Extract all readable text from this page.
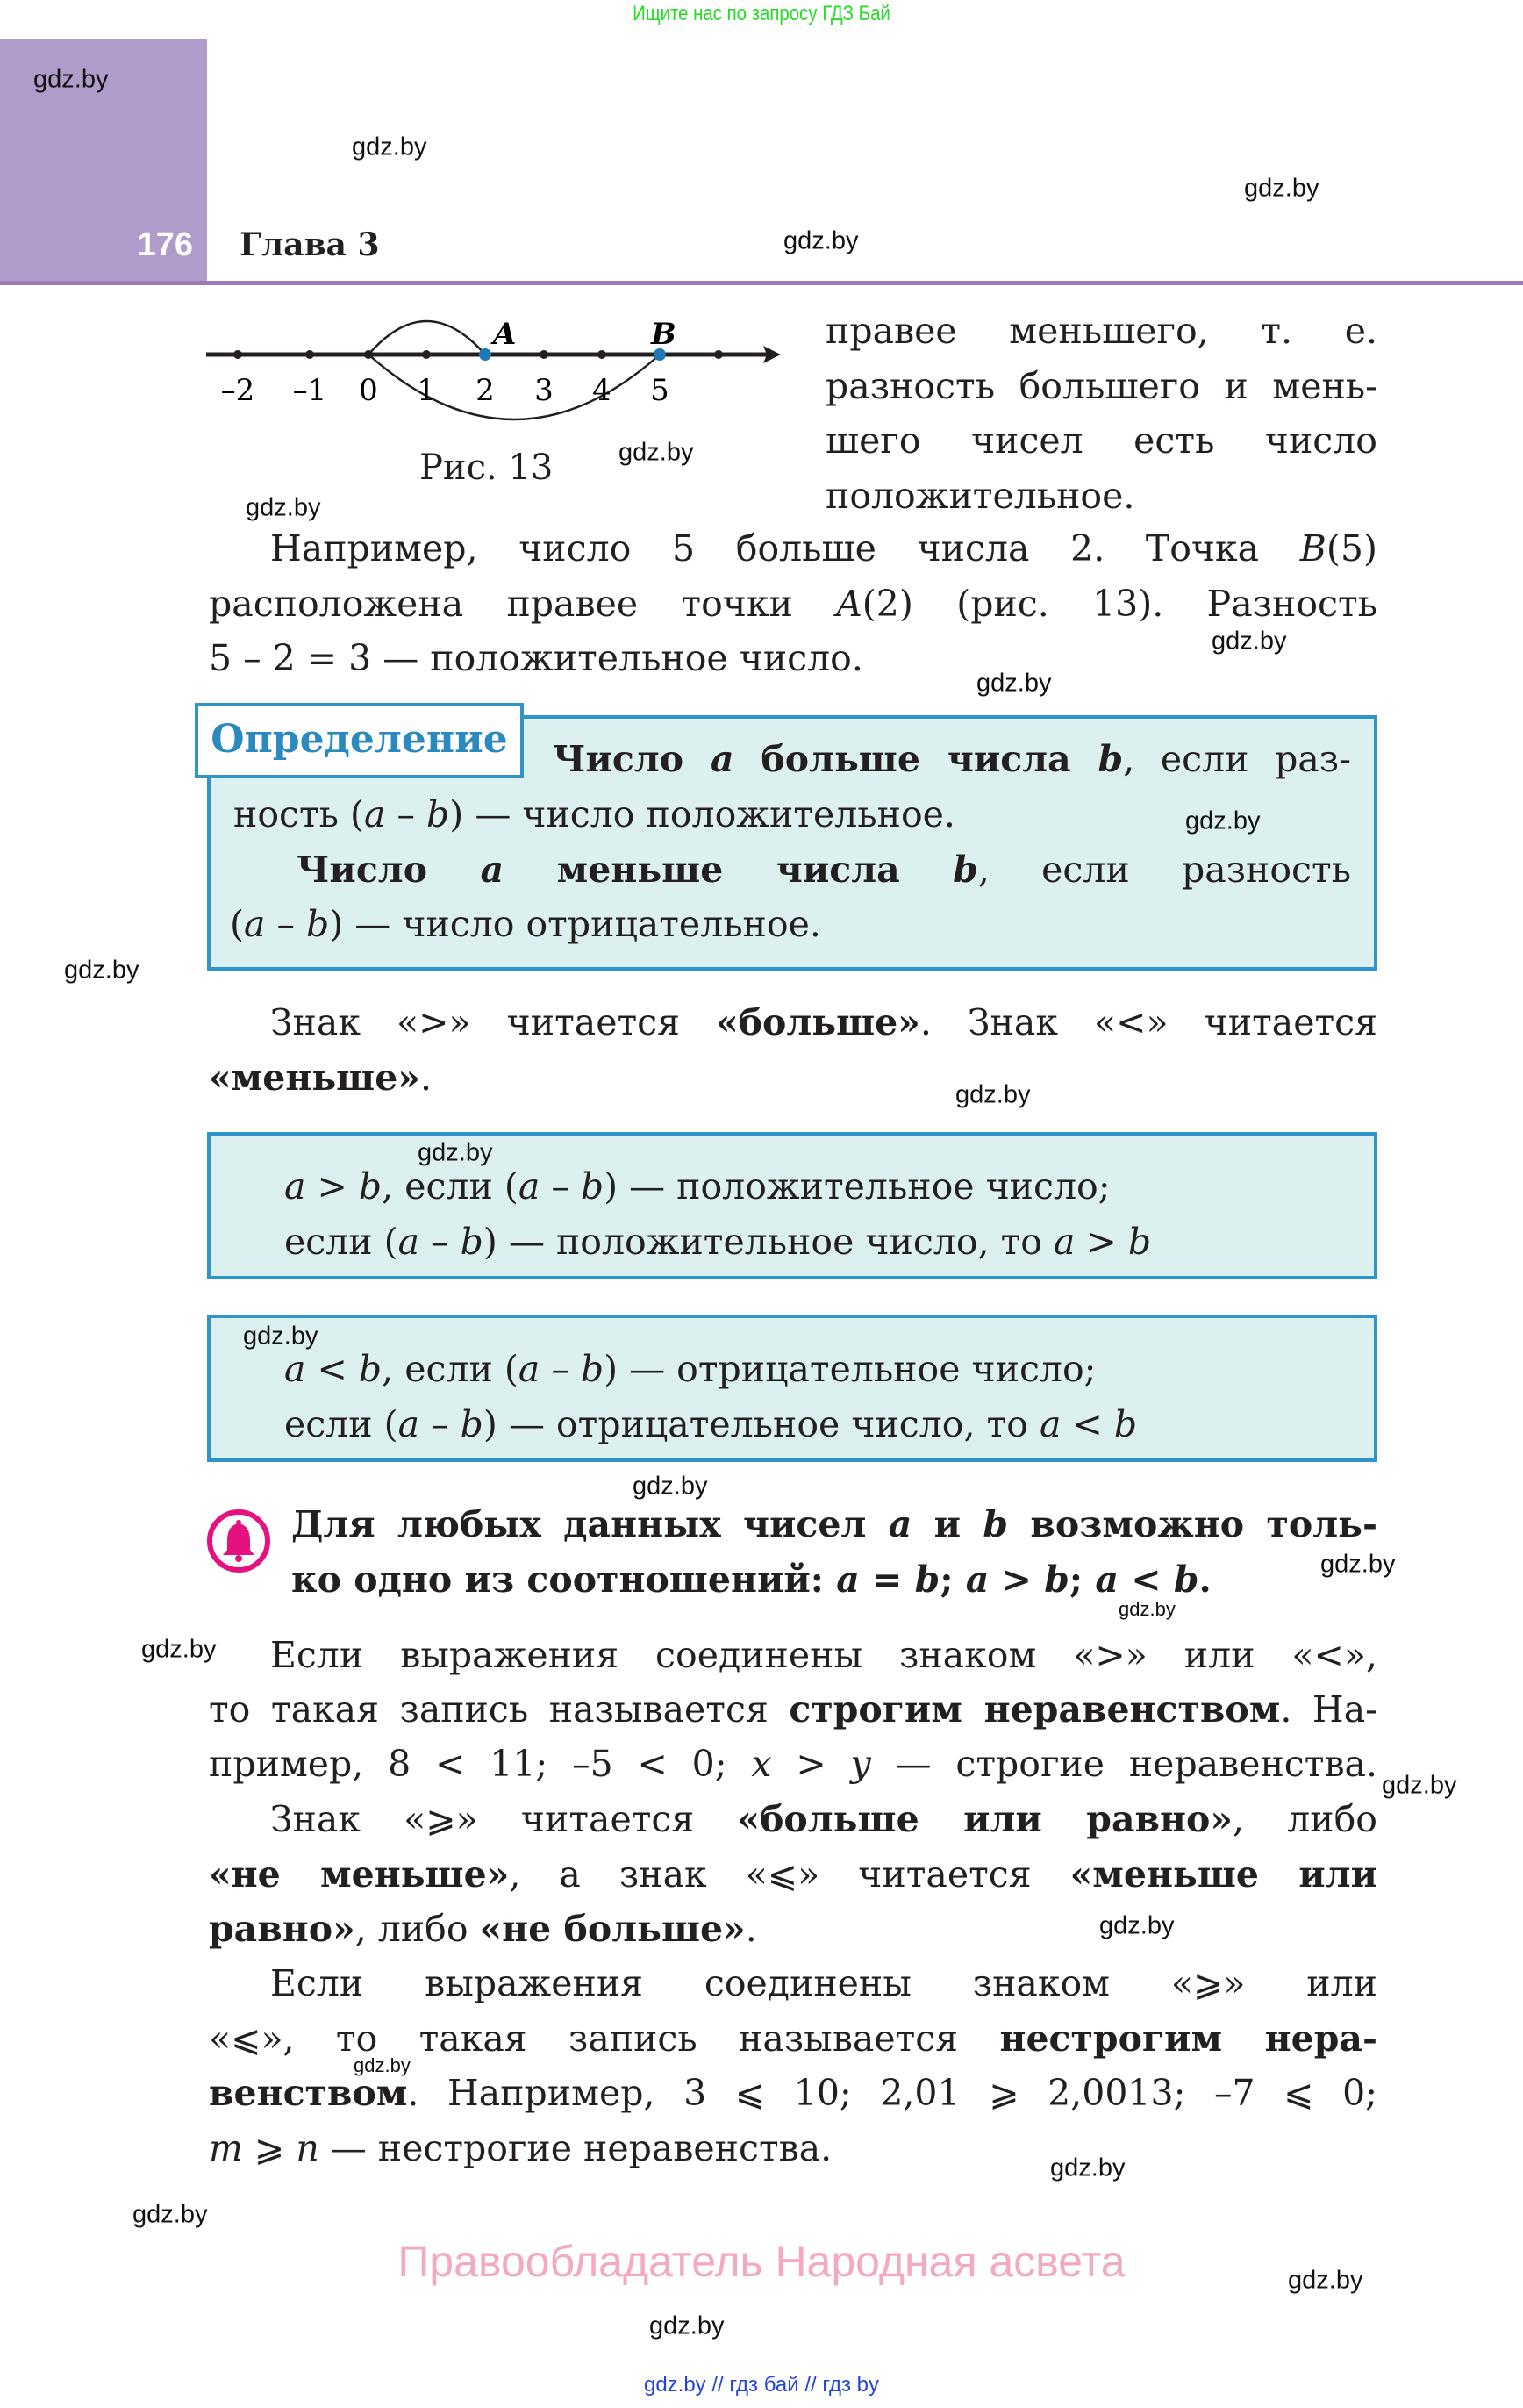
Ищите нас по запросу ГДЗ Бай
176 Глава 3
–2 –1 0 1 2 3 4 5
A	B
Рис. 13
Определение
правее меньшего, т. е.
разность большего и мень-
шего чисел есть число
положительное.
Например, число 5 больше числа 2. Точка B(5)
расположена правее точки A(2) (рис. 13). Разность
5 – 2 = 3 — положительное число.
Число a больше числа b, если раз-
ность (a – b) — число положительное.
Число a меньше числа b, если разность
(a – b) — число отрицательное.
Знак «>» читается «больше». Знак «<» читается
«меньше».
a > b, если (a – b) — положительное число;
если (a – b) — положительное число, то a > b
a < b, если (a – b) — отрицательное число;
если (a – b) — отрицательное число, то a < b
Для любых данных чисел a и b возможно толь-
ко одно из соотношений: a = b; a > b; a < b.
Если выражения соединены знаком «>» или «<»,
то такая запись называется строгим неравенством. На-
пример, 8 < 11; –5 < 0; x > y — строгие неравенства.
Знак «⩾» читается «больше или равно», либо
«не меньше», а знак «⩽» читается «меньше или
равно», либо «не больше».
Если выражения соединены знаком «⩾» или
«⩽», то такая запись называется нестрогим нера-
венством. Например, 3 ⩽ 10; 2,01 ⩾ 2,0013; –7 ⩽ 0;
m ⩾ n — нестрогие неравенства.
Правообладатель Народная асвета
gdz.by // гдз бай // гдз by
gdz.by
gdz.by
gdz.by
gdz.by
gdz.by
gdz.by
gdz.by
gdz.by
gdz.by
gdz.by
gdz.by
gdz.by
gdz.by
gdz.by
gdz.by
gdz.by
gdz.by
gdz.by
gdz.by
gdz.by
gdz.by
gdz.by
gdz.by
gdz.by
